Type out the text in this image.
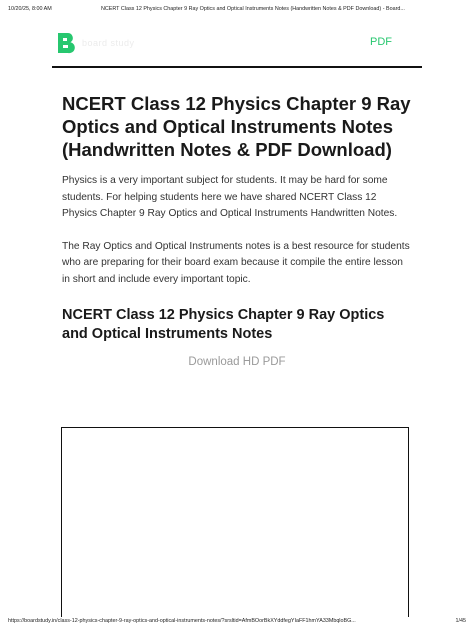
10/20/25, 8:00 AM	NCERT Class 12 Physics Chapter 9 Ray Optics and Optical Instruments Notes (Handwritten Notes & PDF Download) - Board...
board study	PDF
NCERT Class 12 Physics Chapter 9 Ray Optics and Optical Instruments Notes (Handwritten Notes & PDF Download)

Physics is a very important subject for students. It may be hard for some students. For helping students here we have shared NCERT Class 12 Physics Chapter 9 Ray Optics and Optical Instruments Handwritten Notes.

The Ray Optics and Optical Instruments notes is a best resource for students who are preparing for their board exam because it compile the entire lesson in short and include every important topic.

NCERT Class 12 Physics Chapter 9 Ray Optics and Optical Instruments Notes
Download HD PDF
https://boardstudy.in/class-12-physics-chapter-9-ray-optics-and-optical-instruments-notes/?srsltid=AfmBOorBkXYddfegYIaFF1hmYA33MbqloBG...	1/45
